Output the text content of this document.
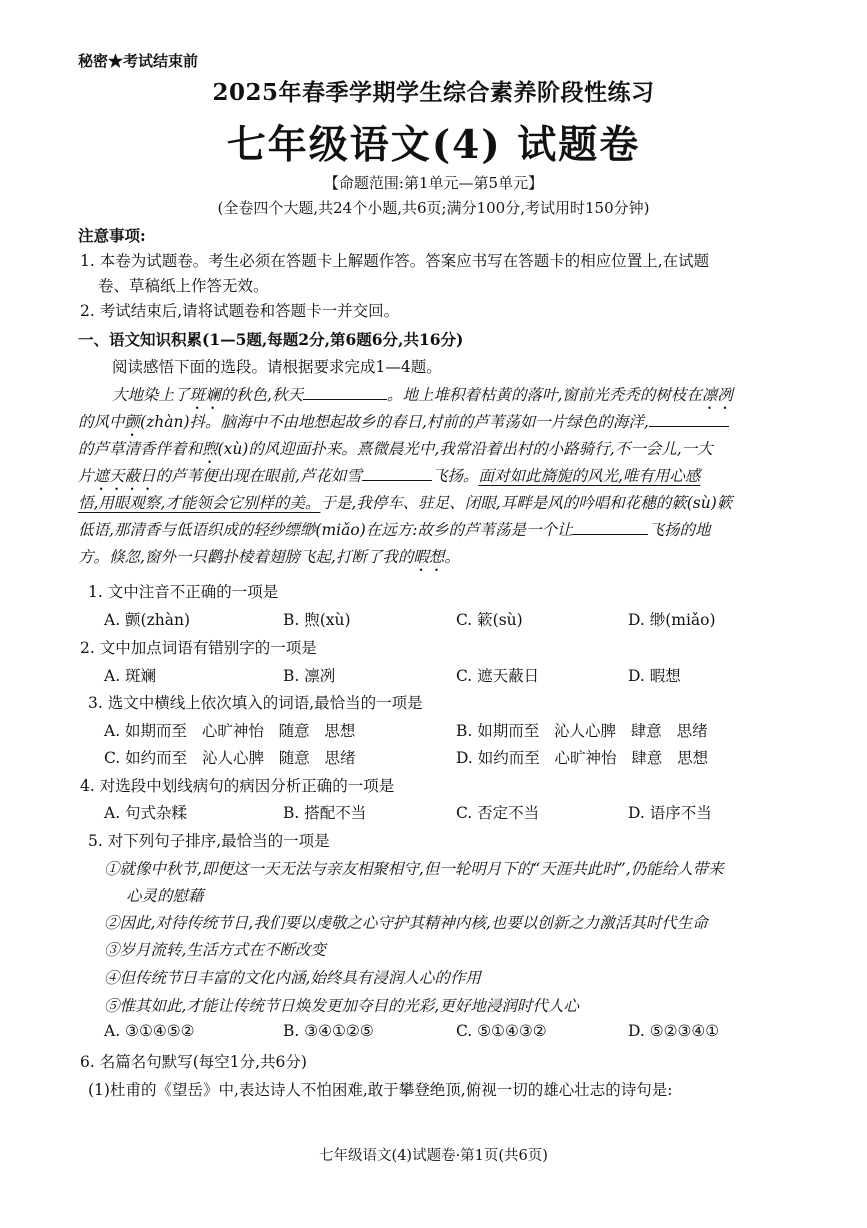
秘密★考试结束前
2025年春季学期学生综合素养阶段性练习
七年级语文(4) 试题卷
【命题范围:第1单元—第5单元】
(全卷四个大题,共24个小题,共6页;满分100分,考试用时150分钟)
注意事项:
1. 本卷为试题卷。考生必须在答题卡上解题作答。答案应书写在答题卡的相应位置上,在试题
卷、草稿纸上作答无效。
2. 考试结束后,请将试题卷和答题卡一并交回。
一、语文知识积累(1—5题,每题2分,第6题6分,共16分)
阅读感悟下面的选段。请根据要求完成1—4题。
大地染上了斑斓的秋色,秋天	。地上堆积着枯黄的落叶,窗前光秃秃的树枝在凛冽
的风中颤(zhàn)抖。脑海中不由地想起故乡的春日,村前的芦苇荡如一片绿色的海洋,
的芦草清香伴着和煦(xù)的风迎面扑来。熹微晨光中,我常沿着出村的小路骑行,不一会儿,一大
片遮天蔽日的芦苇便出现在眼前,芦花如雪	飞扬。面对如此旖旎的风光,唯有用心感
悟,用眼观察,才能领会它别样的美。于是,我停车、驻足、闭眼,耳畔是风的吟唱和花穗的簌(sù)簌
低语,那清香与低语织成的轻纱缥缈(miǎo)在远方:故乡的芦苇荡是一个让	飞扬的地
方。倏忽,窗外一只鹳扑棱着翅膀飞起,打断了我的暇想。
1. 文中注音不正确的一项是
A. 颤(zhàn)	B. 煦(xù)	C. 簌(sù)	D. 缈(miǎo)
2. 文中加点词语有错别字的一项是
A. 斑斓	B. 凛冽	C. 遮天蔽日	D. 暇想
3. 选文中横线上依次填入的词语,最恰当的一项是
A. 如期而至   心旷神怡   随意   思想	B. 如期而至   沁人心脾   肆意   思绪
C. 如约而至   沁人心脾   随意   思绪	D. 如约而至   心旷神怡   肆意   思想
4. 对选段中划线病句的病因分析正确的一项是
A. 句式杂糅	B. 搭配不当	C. 否定不当	D. 语序不当
5. 对下列句子排序,最恰当的一项是
①就像中秋节,即便这一天无法与亲友相聚相守,但一轮明月下的“天涯共此时”,仍能给人带来
心灵的慰藉
②因此,对待传统节日,我们要以虔敬之心守护其精神内核,也要以创新之力激活其时代生命
③岁月流转,生活方式在不断改变
④但传统节日丰富的文化内涵,始终具有浸润人心的作用
⑤惟其如此,才能让传统节日焕发更加夺目的光彩,更好地浸润时代人心
A. ③①④⑤②	B. ③④①②⑤	C. ⑤①④③②	D. ⑤②③④①
6. 名篇名句默写(每空1分,共6分)
(1)杜甫的《望岳》中,表达诗人不怕困难,敢于攀登绝顶,俯视一切的雄心壮志的诗句是:
七年级语文(4)试题卷·第1页(共6页)
